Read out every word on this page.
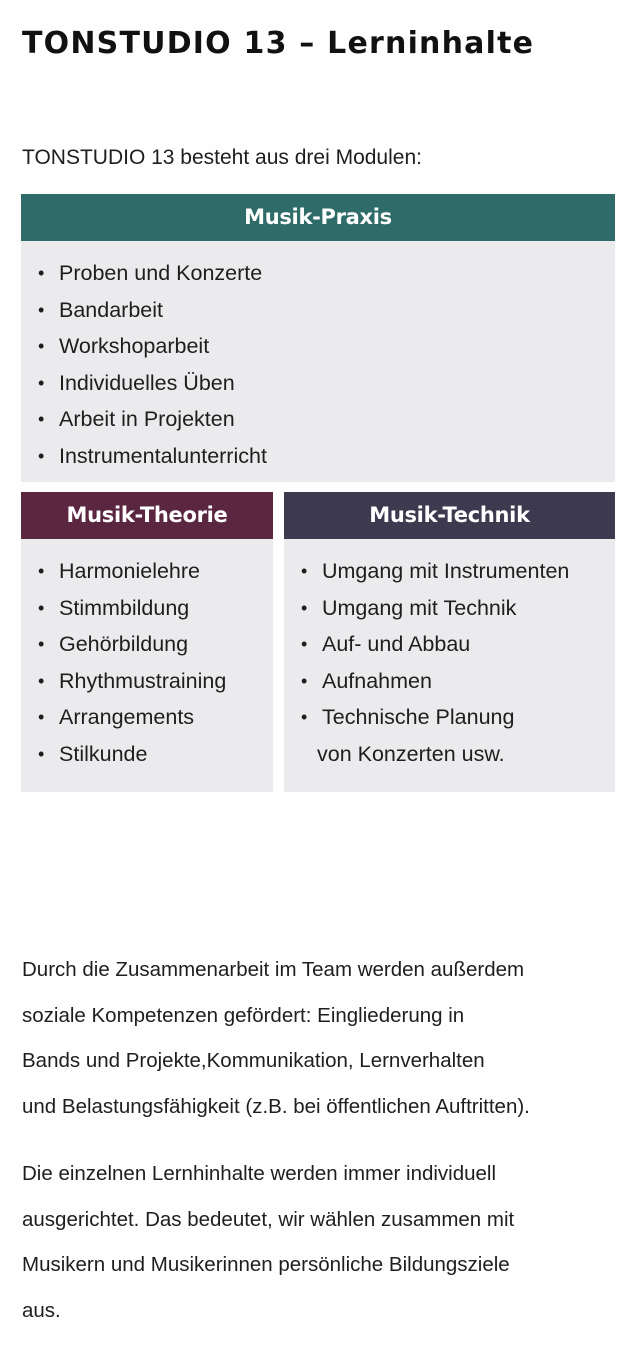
TONSTUDIO 13 – Lerninhalte

TONSTUDIO 13 besteht aus drei Modulen:

Musik-Praxis
• Proben und Konzerte
• Bandarbeit
• Workshoparbeit
• Individuelles Üben
• Arbeit in Projekten
• Instrumentalunterricht
Musik-Theorie
• Harmonielehre
• Stimmbildung
• Gehörbildung
• Rhythmustraining
• Arrangements
• Stilkunde
Musik-Technik
• Umgang mit Instrumenten
• Umgang mit Technik
• Auf- und Abbau
• Aufnahmen
• Technische Planung
von Konzerten usw.
Durch die Zusammenarbeit im Team werden außerdem
soziale Kompetenzen gefördert: Eingliederung in
Bands und Projekte,Kommunikation, Lernverhalten
und Belastungsfähigkeit (z.B. bei öffentlichen Auftritten).
Die einzelnen Lernhinhalte werden immer individuell
ausgerichtet. Das bedeutet, wir wählen zusammen mit
Musikern und Musikerinnen persönliche Bildungsziele
aus.
